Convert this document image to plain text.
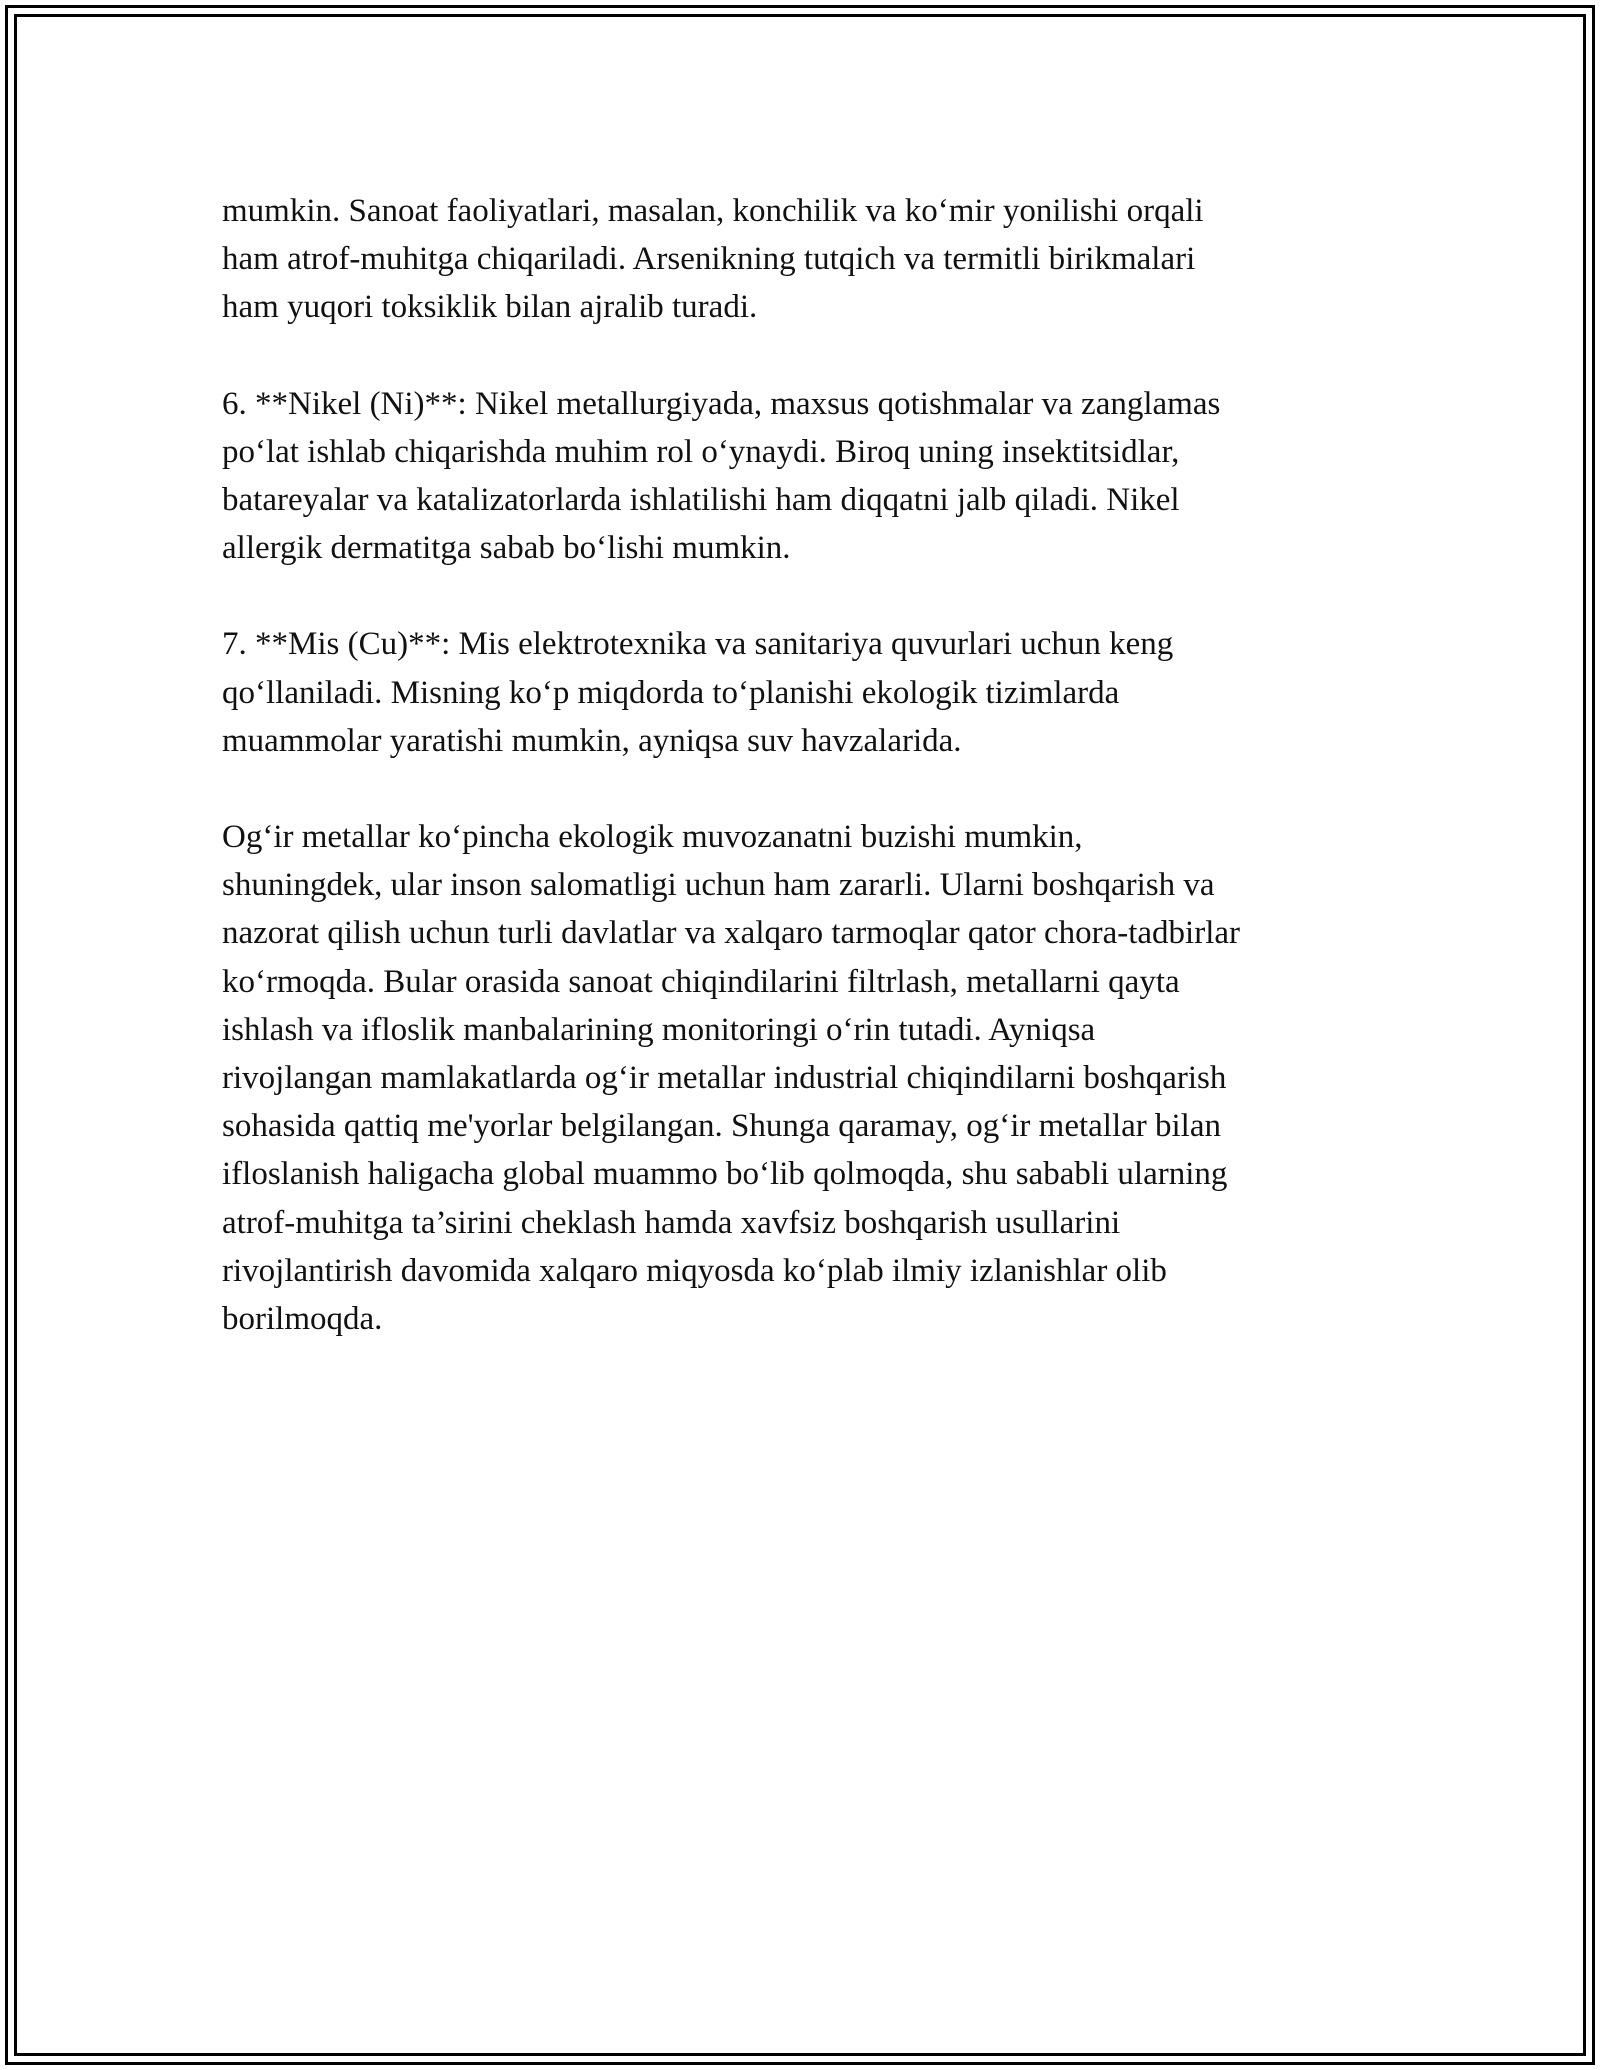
mumkin. Sanoat faoliyatlari, masalan, konchilik va ko‘mir yonilishi orqali
ham atrof-muhitga chiqariladi. Arsenikning tutqich va termitli birikmalari
ham yuqori toksiklik bilan ajralib turadi.

6. **Nikel (Ni)**: Nikel metallurgiyada, maxsus qotishmalar va zanglamas
po‘lat ishlab chiqarishda muhim rol o‘ynaydi. Biroq uning insektitsidlar,
batareyalar va katalizatorlarda ishlatilishi ham diqqatni jalb qiladi. Nikel
allergik dermatitga sabab bo‘lishi mumkin.

7. **Mis (Cu)**: Mis elektrotexnika va sanitariya quvurlari uchun keng
qo‘llaniladi. Misning ko‘p miqdorda to‘planishi ekologik tizimlarda
muammolar yaratishi mumkin, ayniqsa suv havzalarida.

Og‘ir metallar ko‘pincha ekologik muvozanatni buzishi mumkin,
shuningdek, ular inson salomatligi uchun ham zararli. Ularni boshqarish va
nazorat qilish uchun turli davlatlar va xalqaro tarmoqlar qator chora-tadbirlar
ko‘rmoqda. Bular orasida sanoat chiqindilarini filtrlash, metallarni qayta
ishlash va ifloslik manbalarining monitoringi o‘rin tutadi. Ayniqsa
rivojlangan mamlakatlarda og‘ir metallar industrial chiqindilarni boshqarish
sohasida qattiq me'yorlar belgilangan. Shunga qaramay, og‘ir metallar bilan
ifloslanish haligacha global muammo bo‘lib qolmoqda, shu sababli ularning
atrof-muhitga ta’sirini cheklash hamda xavfsiz boshqarish usullarini
rivojlantirish davomida xalqaro miqyosda ko‘plab ilmiy izlanishlar olib
borilmoqda.
